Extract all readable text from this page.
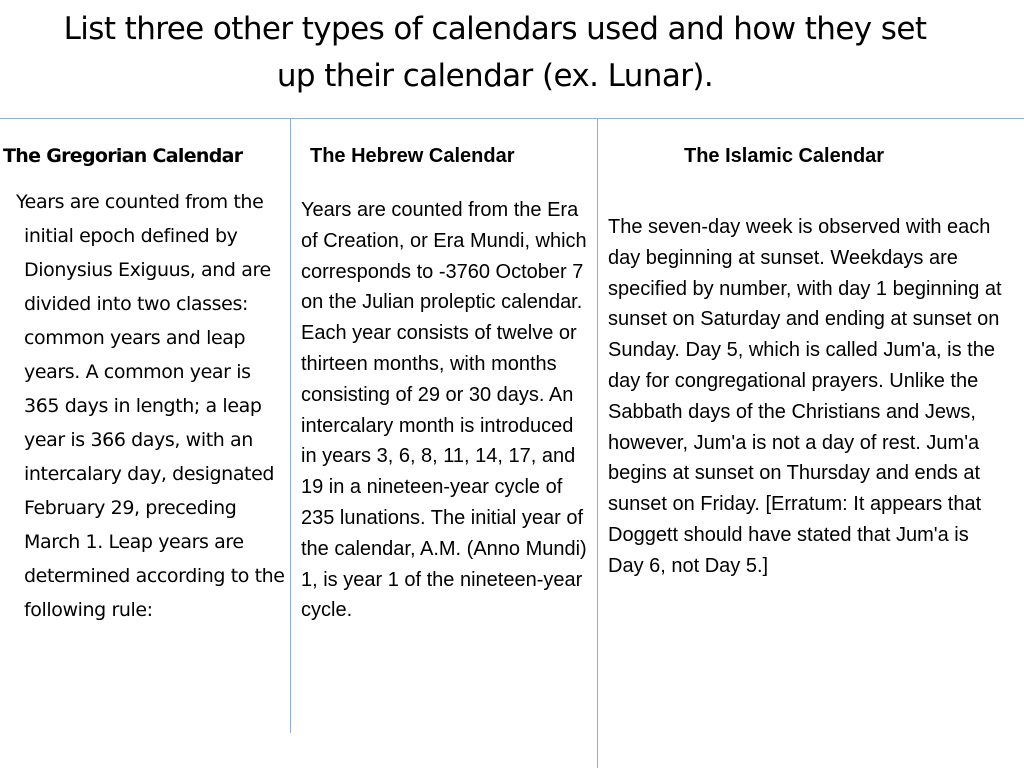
List three other types of calendars used and how they set up their calendar (ex. Lunar).
The Gregorian Calendar
Years are counted from the initial epoch defined by Dionysius Exiguus, and are divided into two classes: common years and leap years. A common year is 365 days in length; a leap year is 366 days, with an intercalary day, designated February 29, preceding March 1. Leap years are determined according to the following rule:
The Hebrew Calendar
Years are counted from the Era of Creation, or Era Mundi, which corresponds to -3760 October 7 on the Julian proleptic calendar. Each year consists of twelve or thirteen months, with months consisting of 29 or 30 days. An intercalary month is introduced in years 3, 6, 8, 11, 14, 17, and 19 in a nineteen-year cycle of 235 lunations. The initial year of the calendar, A.M. (Anno Mundi) 1, is year 1 of the nineteen-year cycle.
The Islamic Calendar
The seven-day week is observed with each day beginning at sunset. Weekdays are specified by number, with day 1 beginning at sunset on Saturday and ending at sunset on Sunday. Day 5, which is called Jum'a, is the day for congregational prayers. Unlike the Sabbath days of the Christians and Jews, however, Jum'a is not a day of rest. Jum'a begins at sunset on Thursday and ends at sunset on Friday. [Erratum: It appears that Doggett should have stated that Jum'a is Day 6, not Day 5.]
